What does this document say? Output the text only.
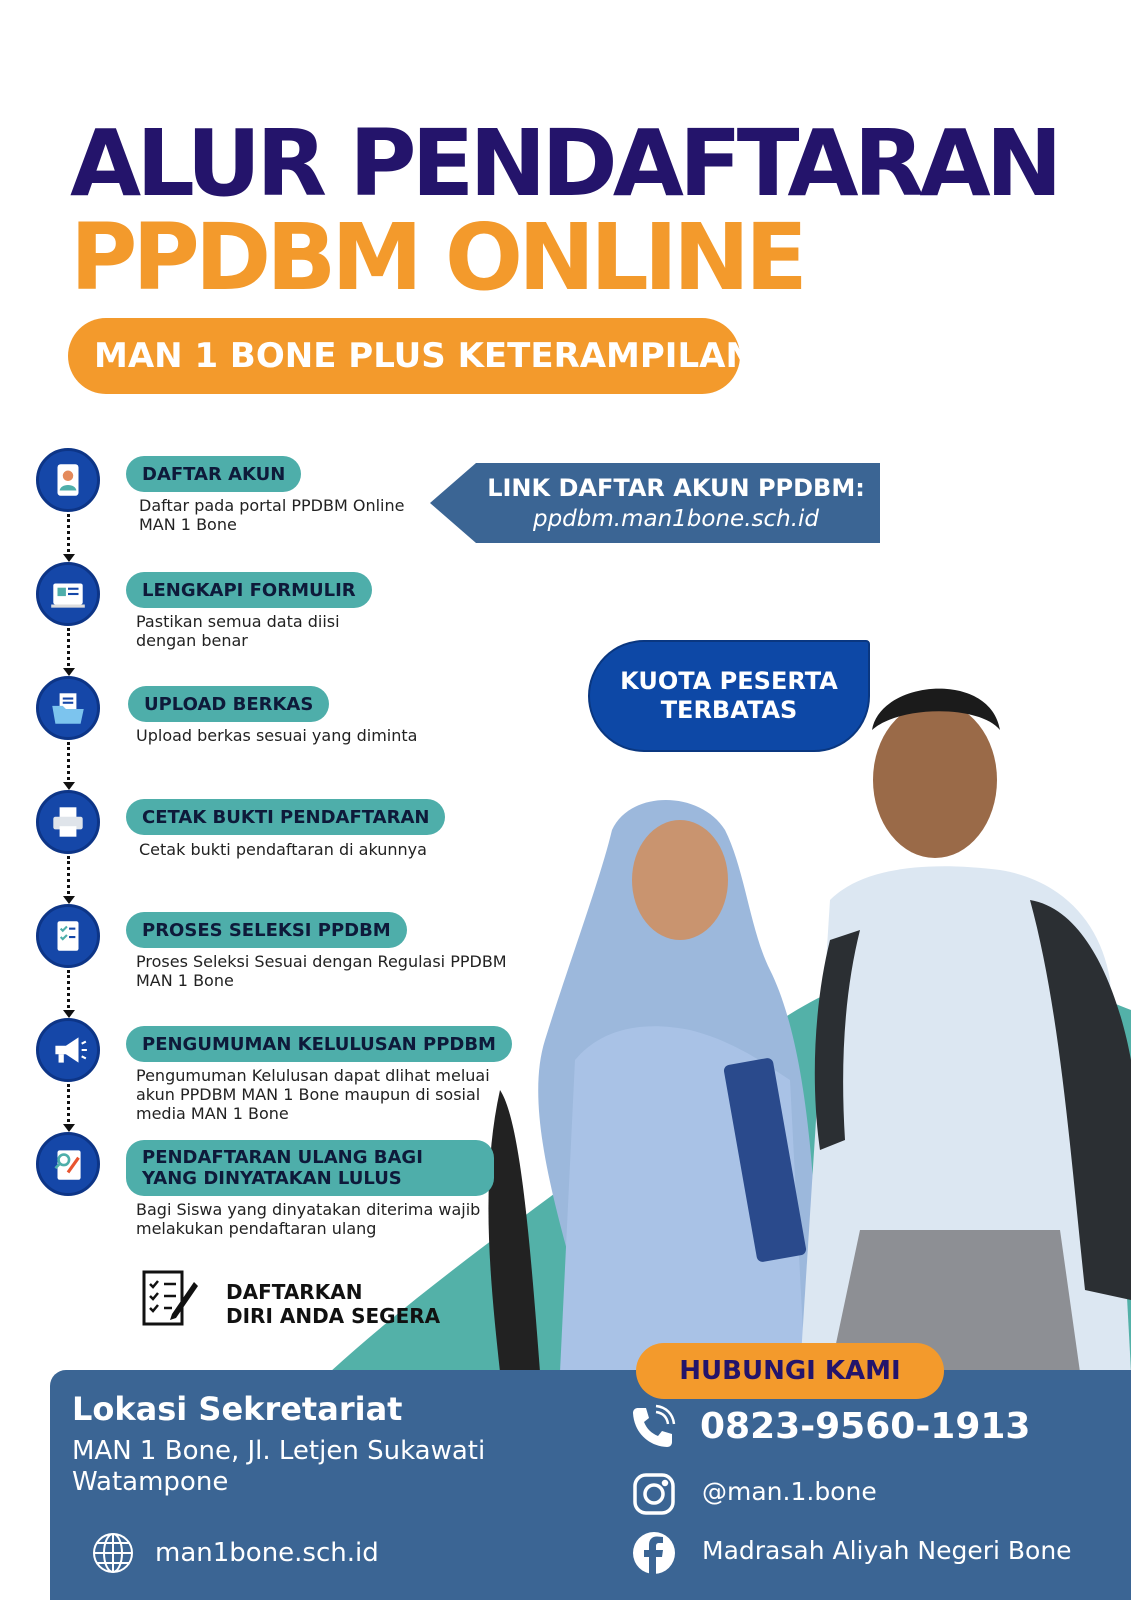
ALUR PENDAFTARAN
PPDBM ONLINE
MAN 1 BONE PLUS KETERAMPILAN
DAFTAR AKUN
Daftar pada portal PPDBM Online MAN 1 Bone
LENGKAPI FORMULIR
Pastikan semua data diisi dengan benar
UPLOAD BERKAS
Upload berkas sesuai yang diminta
CETAK BUKTI PENDAFTARAN
Cetak bukti pendaftaran di akunnya
PROSES SELEKSI PPDBM
Proses Seleksi Sesuai dengan Regulasi PPDBM MAN 1 Bone
PENGUMUMAN KELULUSAN PPDBM
Pengumuman Kelulusan dapat dlihat meluai akun PPDBM MAN 1 Bone maupun di sosial media MAN 1 Bone
PENDAFTARAN ULANG BAGI YANG DINYATAKAN LULUS
Bagi Siswa yang dinyatakan diterima wajib melakukan pendaftaran ulang
LINK DAFTAR AKUN PPDBM:
ppdbm.man1bone.sch.id
KUOTA PESERTA TERBATAS
DAFTARKAN
DIRI ANDA SEGERA
Lokasi Sekretariat
MAN 1 Bone, Jl. Letjen Sukawati
Watampone
man1bone.sch.id
HUBUNGI KAMI
0823-9560-1913
@man.1.bone
Madrasah Aliyah Negeri Bone
